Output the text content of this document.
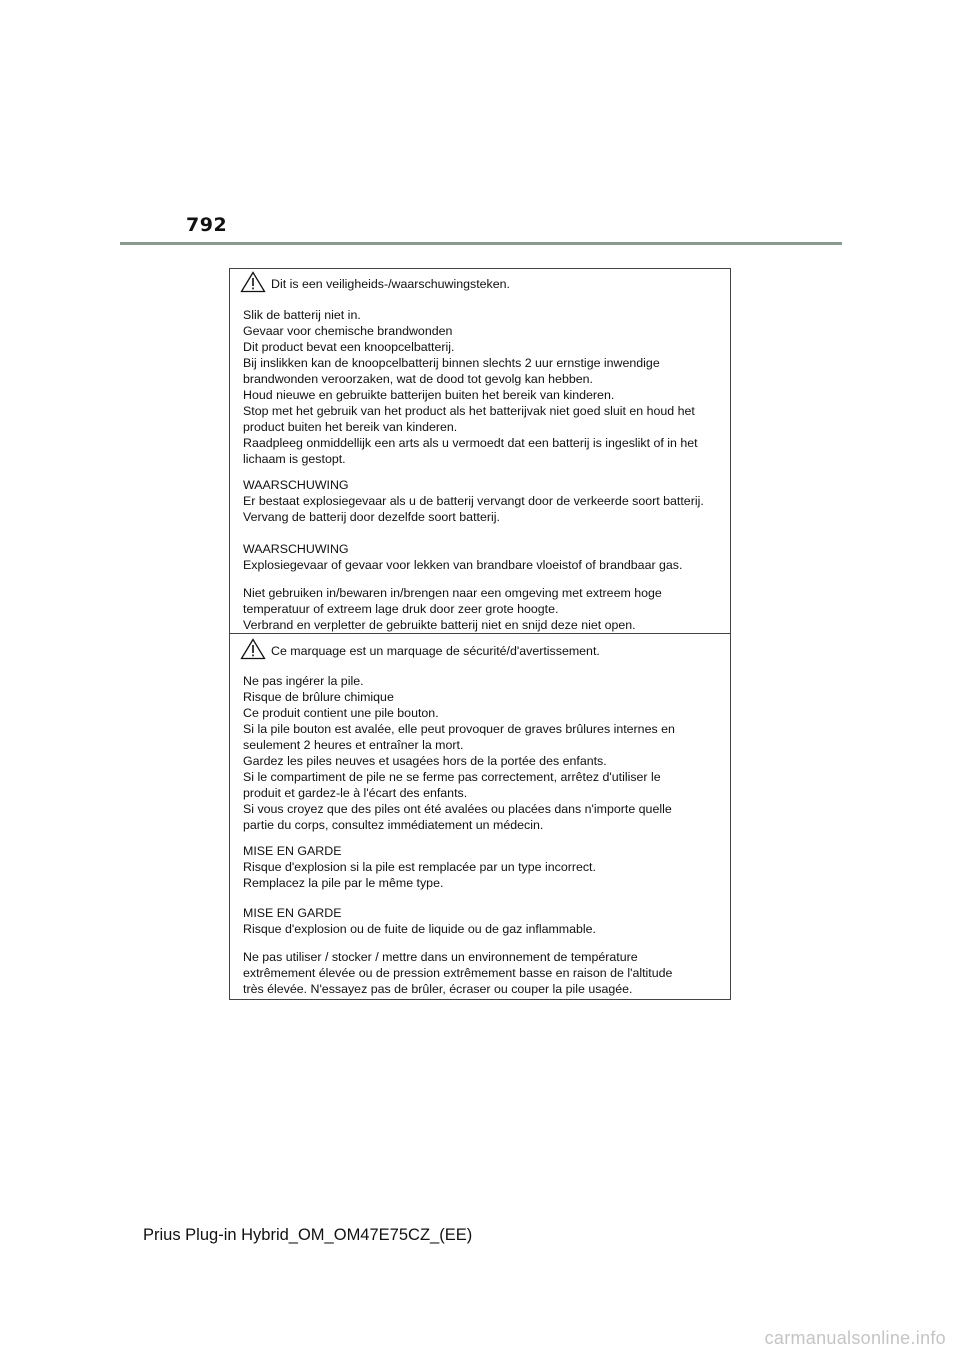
792
Dit is een veiligheids-/waarschuwingsteken.
Slik de batterij niet in.
Gevaar voor chemische brandwonden
Dit product bevat een knoopcelbatterij.
Bij inslikken kan de knoopcelbatterij binnen slechts 2 uur ernstige inwendige
brandwonden veroorzaken, wat de dood tot gevolg kan hebben.
Houd nieuwe en gebruikte batterijen buiten het bereik van kinderen.
Stop met het gebruik van het product als het batterijvak niet goed sluit en houd het
product buiten het bereik van kinderen.
Raadpleeg onmiddellijk een arts als u vermoedt dat een batterij is ingeslikt of in het
lichaam is gestopt.
WAARSCHUWING
Er bestaat explosiegevaar als u de batterij vervangt door de verkeerde soort batterij.
Vervang de batterij door dezelfde soort batterij.
WAARSCHUWING
Explosiegevaar of gevaar voor lekken van brandbare vloeistof of brandbaar gas.
Niet gebruiken in/bewaren in/brengen naar een omgeving met extreem hoge
temperatuur of extreem lage druk door zeer grote hoogte.
Verbrand en verpletter de gebruikte batterij niet en snijd deze niet open.
Ce marquage est un marquage de sécurité/d'avertissement.
Ne pas ingérer la pile.
Risque de brûlure chimique
Ce produit contient une pile bouton.
Si la pile bouton est avalée, elle peut provoquer de graves brûlures internes en
seulement 2 heures et entraîner la mort.
Gardez les piles neuves et usagées hors de la portée des enfants.
Si le compartiment de pile ne se ferme pas correctement, arrêtez d'utiliser le
produit et gardez-le à l'écart des enfants.
Si vous croyez que des piles ont été avalées ou placées dans n'importe quelle
partie du corps, consultez immédiatement un médecin.
MISE EN GARDE
Risque d'explosion si la pile est remplacée par un type incorrect.
Remplacez la pile par le même type.
MISE EN GARDE
Risque d'explosion ou de fuite de liquide ou de gaz inflammable.
Ne pas utiliser / stocker / mettre dans un environnement de température
extrêmement élevée ou de pression extrêmement basse en raison de l'altitude
très élevée. N'essayez pas de brûler, écraser ou couper la pile usagée.
Prius Plug-in Hybrid_OM_OM47E75CZ_(EE)
carmanualsonline.info
